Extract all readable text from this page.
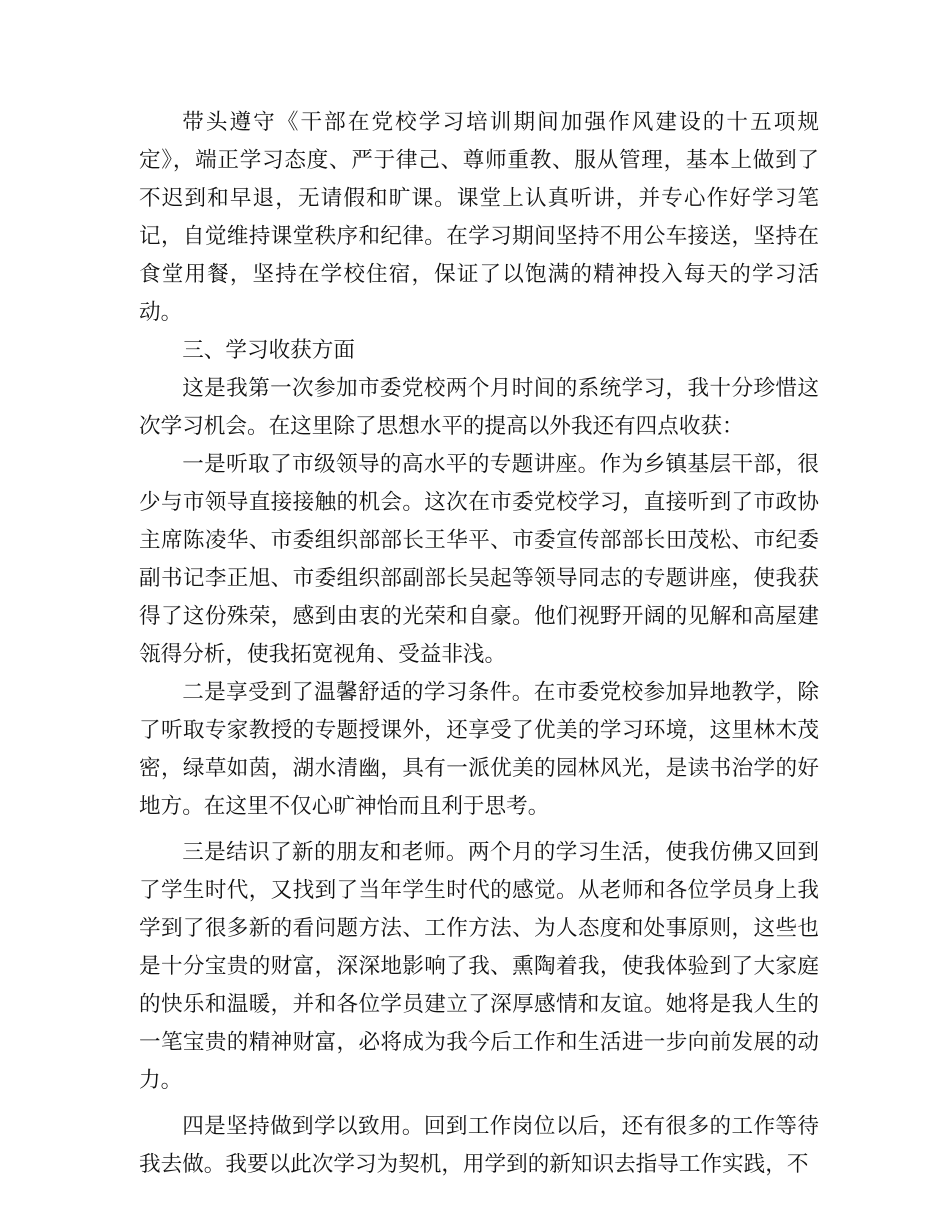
带头遵守《干部在党校学习培训期间加强作风建设的十五项规定》，端正学习态度、严于律己、尊师重教、服从管理，基本上做到了不迟到和早退，无请假和旷课。课堂上认真听讲，并专心作好学习笔记，自觉维持课堂秩序和纪律。在学习期间坚持不用公车接送，坚持在食堂用餐，坚持在学校住宿，保证了以饱满的精神投入每天的学习活动。

三、学习收获方面

这是我第一次参加市委党校两个月时间的系统学习，我十分珍惜这次学习机会。在这里除了思想水平的提高以外我还有四点收获：

一是听取了市级领导的高水平的专题讲座。作为乡镇基层干部，很少与市领导直接接触的机会。这次在市委党校学习，直接听到了市政协主席陈凌华、市委组织部部长王华平、市委宣传部部长田茂松、市纪委副书记李正旭、市委组织部副部长吴起等领导同志的专题讲座，使我获得了这份殊荣，感到由衷的光荣和自豪。他们视野开阔的见解和高屋建瓴得分析，使我拓宽视角、受益非浅。

二是享受到了温馨舒适的学习条件。在市委党校参加异地教学，除了听取专家教授的专题授课外，还享受了优美的学习环境，这里林木茂密，绿草如茵，湖水清幽，具有一派优美的园林风光，是读书治学的好地方。在这里不仅心旷神怡而且利于思考。

三是结识了新的朋友和老师。两个月的学习生活，使我仿佛又回到了学生时代，又找到了当年学生时代的感觉。从老师和各位学员身上我学到了很多新的看问题方法、工作方法、为人态度和处事原则，这些也是十分宝贵的财富，深深地影响了我、熏陶着我，使我体验到了大家庭的快乐和温暖，并和各位学员建立了深厚感情和友谊。她将是我人生的一笔宝贵的精神财富，必将成为我今后工作和生活进一步向前发展的动力。

四是坚持做到学以致用。回到工作岗位以后，还有很多的工作等待我去做。我要以此次学习为契机，用学到的新知识去指导工作实践，不
